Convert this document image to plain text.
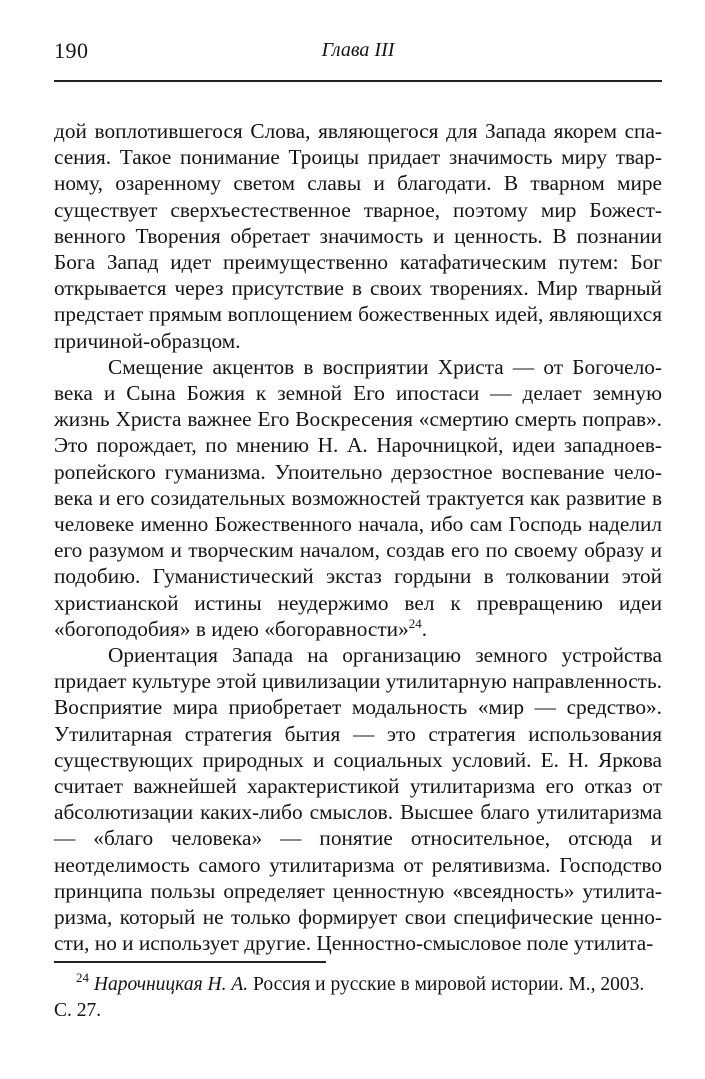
190	Глава III

дой воплотившегося Слова, являющегося для Запада якорем спасения. Такое понимание Троицы придает значимость миру тварному, озаренному светом славы и благодати. В тварном мире существует сверхъестественное тварное, поэтому мир Божественного Творения обретает значимость и ценность. В познании Бога Запад идет преимущественно катафатическим путем: Бог открывается через присутствие в своих творениях. Мир тварный предстает прямым воплощением божественных идей, являющихся причиной-образцом.

Смещение акцентов в восприятии Христа — от Богочеловека и Сына Божия к земной Его ипостаси — делает земную жизнь Христа важнее Его Воскресения «смертию смерть поправ». Это порождает, по мнению Н. А. Нарочницкой, идеи западноевропейского гуманизма. Упоительно дерзостное воспевание человека и его созидательных возможностей трактуется как развитие в человеке именно Божественного начала, ибо сам Господь наделил его разумом и творческим началом, создав его по своему образу и подобию. Гуманистический экстаз гордыни в толковании этой христианской истины неудержимо вел к превращению идеи «богоподобия» в идею «богоравности»$^{24}$.

Ориентация Запада на организацию земного устройства придает культуре этой цивилизации утилитарную направленность. Восприятие мира приобретает модальность «мир — средство». Утилитарная стратегия бытия — это стратегия использования существующих природных и социальных условий. Е. Н. Яркова считает важнейшей характеристикой утилитаризма его отказ от абсолютизации каких-либо смыслов. Высшее благо утилитаризма — «благо человека» — понятие относительное, отсюда и неотделимость самого утилитаризма от релятивизма. Господство принципа пользы определяет ценностную «всеядность» утилитаризма, который не только формирует свои специфические ценности, но и использует другие. Ценностно-смысловое поле утилита-

$^{24}$ Нарочницкая Н. А. Россия и русские в мировой истории. М., 2003. С. 27.
